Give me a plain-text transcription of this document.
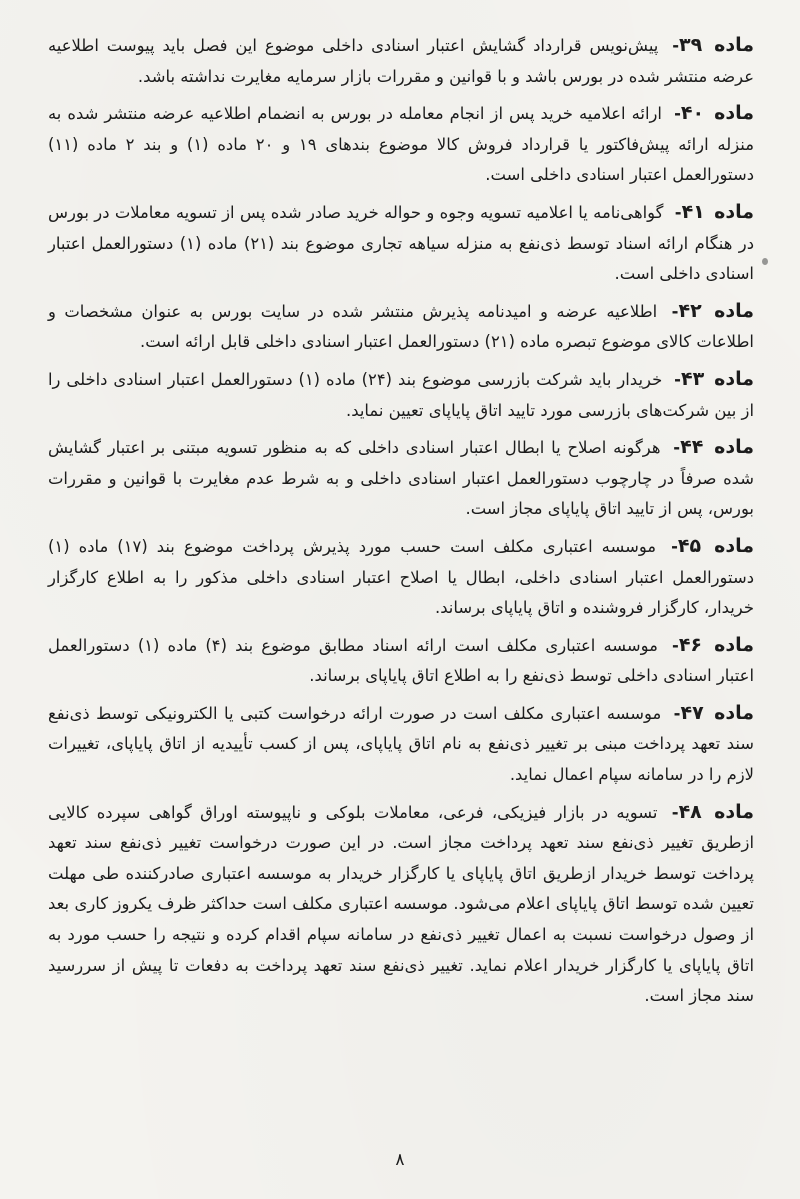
ماده ۳۹- پیش‌نویس قرارداد گشایش اعتبار اسنادی داخلی موضوع این فصل باید پیوست اطلاعیه عرضه منتشر شده در بورس باشد و با قوانین و مقررات بازار سرمایه مغایرت نداشته باشد.

ماده ۴۰- ارائه اعلامیه خرید پس از انجام معامله در بورس به انضمام اطلاعیه عرضه منتشر شده به منزله ارائه پیش‌فاکتور یا قرارداد فروش کالا موضوع بندهای ۱۹ و ۲۰ ماده (۱) و بند ۲ ماده (۱۱) دستورالعمل اعتبار اسنادی داخلی است.

ماده ۴۱- گواهی‌نامه یا اعلامیه تسویه وجوه و حواله خرید صادر شده پس از تسویه معاملات در بورس در هنگام ارائه اسناد توسط ذی‌نفع به منزله سیاهه تجاری موضوع بند (۲۱) ماده (۱) دستورالعمل اعتبار اسنادی داخلی است.

ماده ۴۲- اطلاعیه عرضه و امیدنامه پذیرش منتشر شده در سایت بورس به عنوان مشخصات و اطلاعات کالای موضوع تبصره ماده (۲۱) دستورالعمل اعتبار اسنادی داخلی قابل ارائه است.

ماده ۴۳- خریدار باید شرکت بازرسی موضوع بند (۲۴) ماده (۱) دستورالعمل اعتبار اسنادی داخلی را از بین شرکت‌های بازرسی مورد تایید اتاق پایاپای تعیین نماید.

ماده ۴۴- هرگونه اصلاح یا ابطال اعتبار اسنادی داخلی که به منظور تسویه مبتنی بر اعتبار گشایش شده صرفاً در چارچوب دستورالعمل اعتبار اسنادی داخلی و به شرط عدم مغایرت با قوانین و مقررات بورس، پس از تایید اتاق پایاپای مجاز است.

ماده ۴۵- موسسه اعتباری مکلف است حسب مورد پذیرش پرداخت موضوع بند (۱۷) ماده (۱) دستورالعمل اعتبار اسنادی داخلی، ابطال یا اصلاح اعتبار اسنادی داخلی مذکور را به اطلاع کارگزار خریدار، کارگزار فروشنده و اتاق پایاپای برساند.

ماده ۴۶- موسسه اعتباری مکلف است ارائه اسناد مطابق موضوع بند (۴) ماده (۱) دستورالعمل اعتبار اسنادی داخلی توسط ذی‌نفع را به اطلاع اتاق پایاپای برساند.

ماده ۴۷- موسسه اعتباری مکلف است در صورت ارائه درخواست کتبی یا الکترونیکی توسط ذی‌نفع سند تعهد پرداخت مبنی بر تغییر ذی‌نفع به نام اتاق پایاپای، پس از کسب تأییدیه از اتاق پایاپای، تغییرات لازم را در سامانه سپام اعمال نماید.

ماده ۴۸- تسویه در بازار فیزیکی، فرعی، معاملات بلوکی و ناپیوسته اوراق گواهی سپرده کالایی ازطریق تغییر ذی‌نفع سند تعهد پرداخت مجاز است. در این صورت درخواست تغییر ذی‌نفع سند تعهد پرداخت توسط خریدار ازطریق اتاق پایاپای یا کارگزار خریدار به موسسه اعتباری صادرکننده طی مهلت تعیین شده توسط اتاق پایاپای اعلام می‌شود. موسسه اعتباری مکلف است حداکثر ظرف یکروز کاری بعد از وصول درخواست نسبت به اعمال تغییر ذی‌نفع در سامانه سپام اقدام کرده و نتیجه را حسب مورد به اتاق پایاپای یا کارگزار خریدار اعلام نماید. تغییر ذی‌نفع سند تعهد پرداخت به دفعات تا پیش از سررسید سند مجاز است.

۸
